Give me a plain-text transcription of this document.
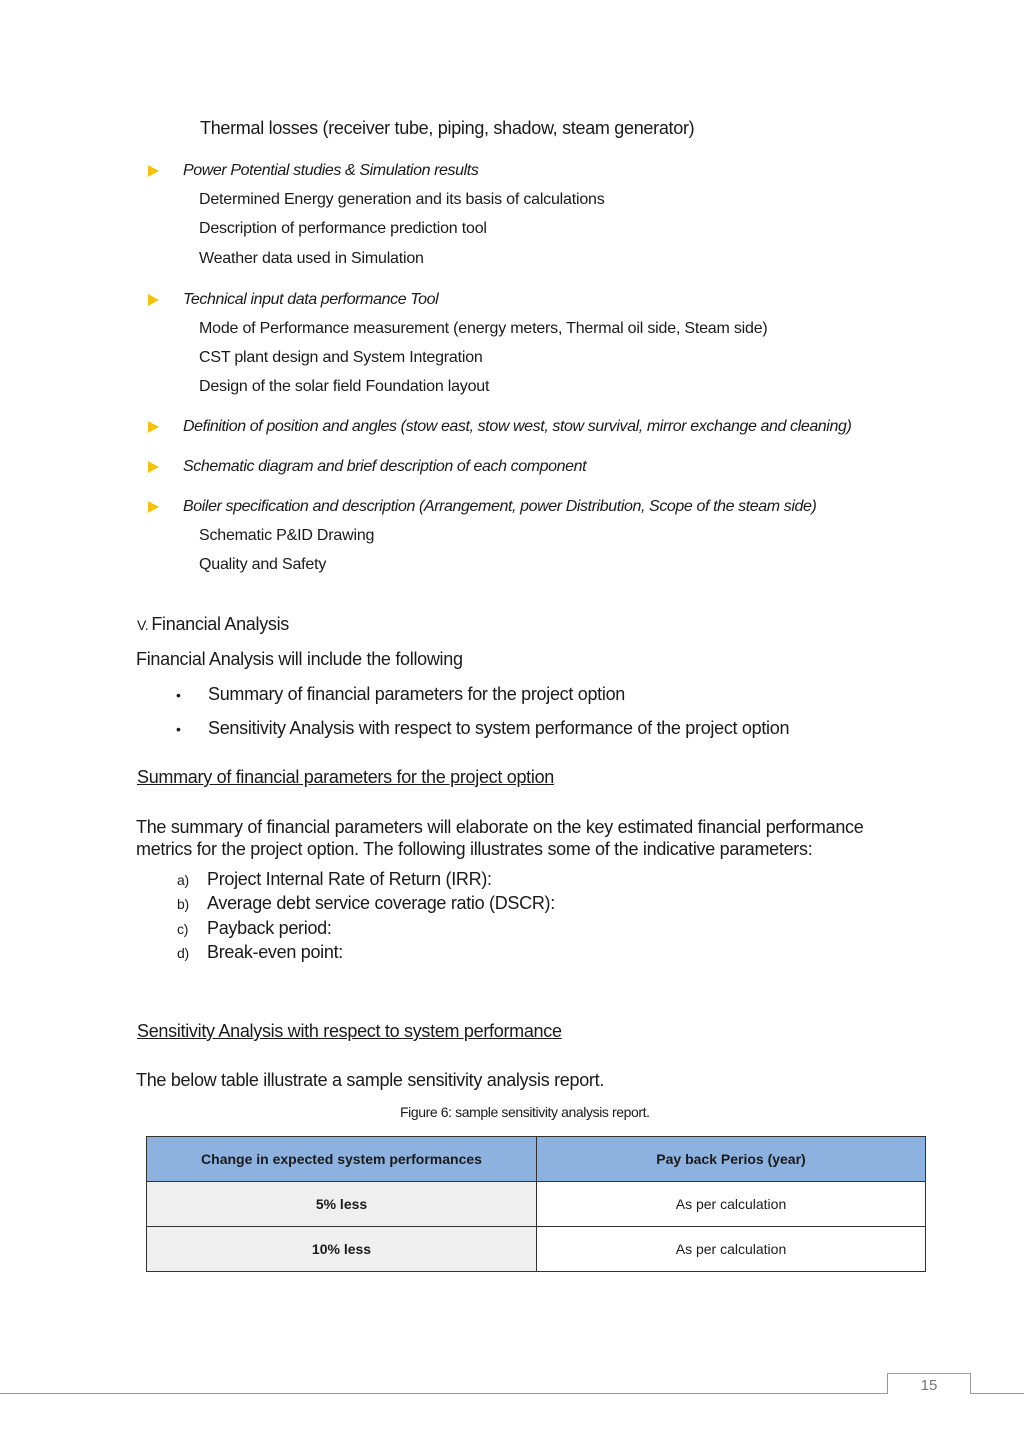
Thermal losses (receiver tube, piping, shadow, steam generator)
Power Potential studies & Simulation results
Determined Energy generation and its basis of calculations
Description of performance prediction tool
Weather data used in Simulation
Technical input data performance Tool
Mode of Performance measurement (energy meters, Thermal oil side, Steam side)
CST plant design and System Integration
Design of the solar field Foundation layout
Definition of position and angles (stow east, stow west, stow survival, mirror exchange and cleaning)
Schematic diagram and brief description of each component
Boiler specification and description (Arrangement, power Distribution, Scope of the steam side)
Schematic P&ID Drawing
Quality and Safety
V. Financial Analysis
Financial Analysis will include the following
• Summary of financial parameters for the project option
• Sensitivity Analysis with respect to system performance of the project option
Summary of financial parameters for the project option
The summary of financial parameters will elaborate on the key estimated financial performance metrics for the project option. The following illustrates some of the indicative parameters:
a) Project Internal Rate of Return (IRR):
b) Average debt service coverage ratio (DSCR):
c) Payback period:
d) Break-even point:
Sensitivity Analysis with respect to system performance
The below table illustrate a sample sensitivity analysis report.
Figure 6: sample sensitivity analysis report.
Change in expected system performances	Pay back Perios (year)
5% less	As per calculation
10% less	As per calculation
15
